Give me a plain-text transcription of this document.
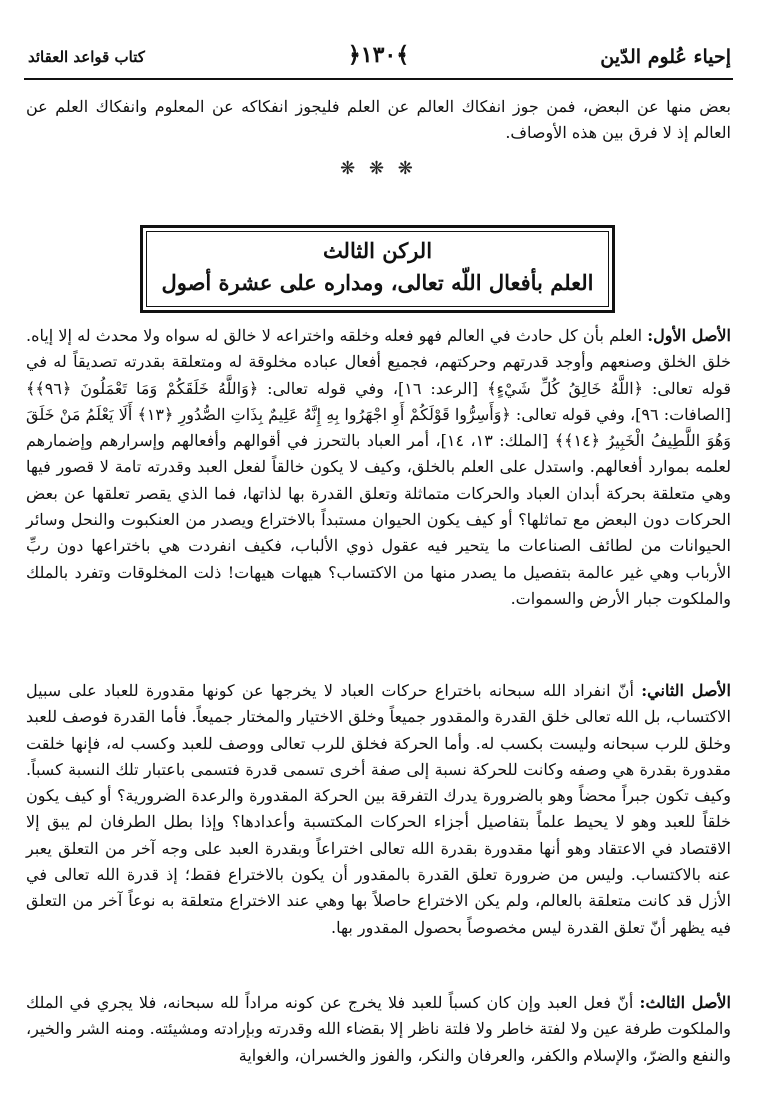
إحياء عُلوم الدّين
﴿١٣٠﴾
كتاب قواعد العقائد
بعض منها عن البعض، فمن جوز انفكاك العالم عن العلم فليجوز انفكاكه عن المعلوم وانفكاك العلم عن العالم إذ لا فرق بين هذه الأوصاف.
❋ ❋ ❋
الركن الثالث
العلم بأفعال اللّه تعالى، ومداره على عشرة أصول
الأصل الأول: العلم بأن كل حادث في العالم فهو فعله وخلقه واختراعه لا خالق له سواه ولا محدث له إلا إياه. خلق الخلق وصنعهم وأوجد قدرتهم وحركتهم، فجميع أفعال عباده مخلوقة له ومتعلقة بقدرته تصديقاً له في قوله تعالى: ﴿اللَّهُ خَالِقُ كُلِّ شَيْءٍ﴾ [الرعد: ١٦]، وفي قوله تعالى: ﴿وَاللَّهُ خَلَقَكُمْ وَمَا تَعْمَلُونَ ﴿٩٦﴾﴾ [الصافات: ٩٦]، وفي قوله تعالى: ﴿وَأَسِرُّوا قَوْلَكُمْ أَوِ اجْهَرُوا بِهِ إِنَّهُ عَلِيمٌ بِذَاتِ الصُّدُورِ ﴿١٣﴾ أَلَا يَعْلَمُ مَنْ خَلَقَ وَهُوَ اللَّطِيفُ الْخَبِيرُ ﴿١٤﴾﴾ [الملك: ١٣، ١٤]، أمر العباد بالتحرز في أقوالهم وأفعالهم وإسرارهم وإضمارهم لعلمه بموارد أفعالهم. واستدل على العلم بالخلق، وكيف لا يكون خالقاً لفعل العبد وقدرته تامة لا قصور فيها وهي متعلقة بحركة أبدان العباد والحركات متماثلة وتعلق القدرة بها لذاتها، فما الذي يقصر تعلقها عن بعض الحركات دون البعض مع تماثلها؟ أو كيف يكون الحيوان مستبداً بالاختراع ويصدر من العنكبوت والنحل وسائر الحيوانات من لطائف الصناعات ما يتحير فيه عقول ذوي الألباب، فكيف انفردت هي باختراعها دون ربِّ الأرباب وهي غير عالمة بتفصيل ما يصدر منها من الاكتساب؟ هيهات هيهات! ذلت المخلوقات وتفرد بالملك والملكوت جبار الأرض والسموات.
الأصل الثاني: أنّ انفراد الله سبحانه باختراع حركات العباد لا يخرجها عن كونها مقدورة للعباد على سبيل الاكتساب، بل الله تعالى خلق القدرة والمقدور جميعاً وخلق الاختيار والمختار جميعاً. فأما القدرة فوصف للعبد وخلق للرب سبحانه وليست بكسب له. وأما الحركة فخلق للرب تعالى ووصف للعبد وكسب له، فإنها خلقت مقدورة بقدرة هي وصفه وكانت للحركة نسبة إلى صفة أخرى تسمى قدرة فتسمى باعتبار تلك النسبة كسباً. وكيف تكون جبراً محضاً وهو بالضرورة يدرك التفرقة بين الحركة المقدورة والرعدة الضرورية؟ أو كيف يكون خلقاً للعبد وهو لا يحيط علماً بتفاصيل أجزاء الحركات المكتسبة وأعدادها؟ وإذا بطل الطرفان لم يبق إلا الاقتصاد في الاعتقاد وهو أنها مقدورة بقدرة الله تعالى اختراعاً وبقدرة العبد على وجه آخر من التعلق يعبر عنه بالاكتساب. وليس من ضرورة تعلق القدرة بالمقدور أن يكون بالاختراع فقط؛ إذ قدرة الله تعالى في الأزل قد كانت متعلقة بالعالم، ولم يكن الاختراع حاصلاً بها وهي عند الاختراع متعلقة به نوعاً آخر من التعلق فيه يظهر أنّ تعلق القدرة ليس مخصوصاً بحصول المقدور بها.
الأصل الثالث: أنّ فعل العبد وإن كان كسباً للعبد فلا يخرج عن كونه مراداً لله سبحانه، فلا يجري في الملك والملكوت طرفة عين ولا لفتة خاطر ولا فلتة ناظر إلا بقضاء الله وقدرته وبإرادته ومشيئته. ومنه الشر والخير، والنفع والضرّ، والإسلام والكفر، والعرفان والنكر، والفوز والخسران، والغواية
